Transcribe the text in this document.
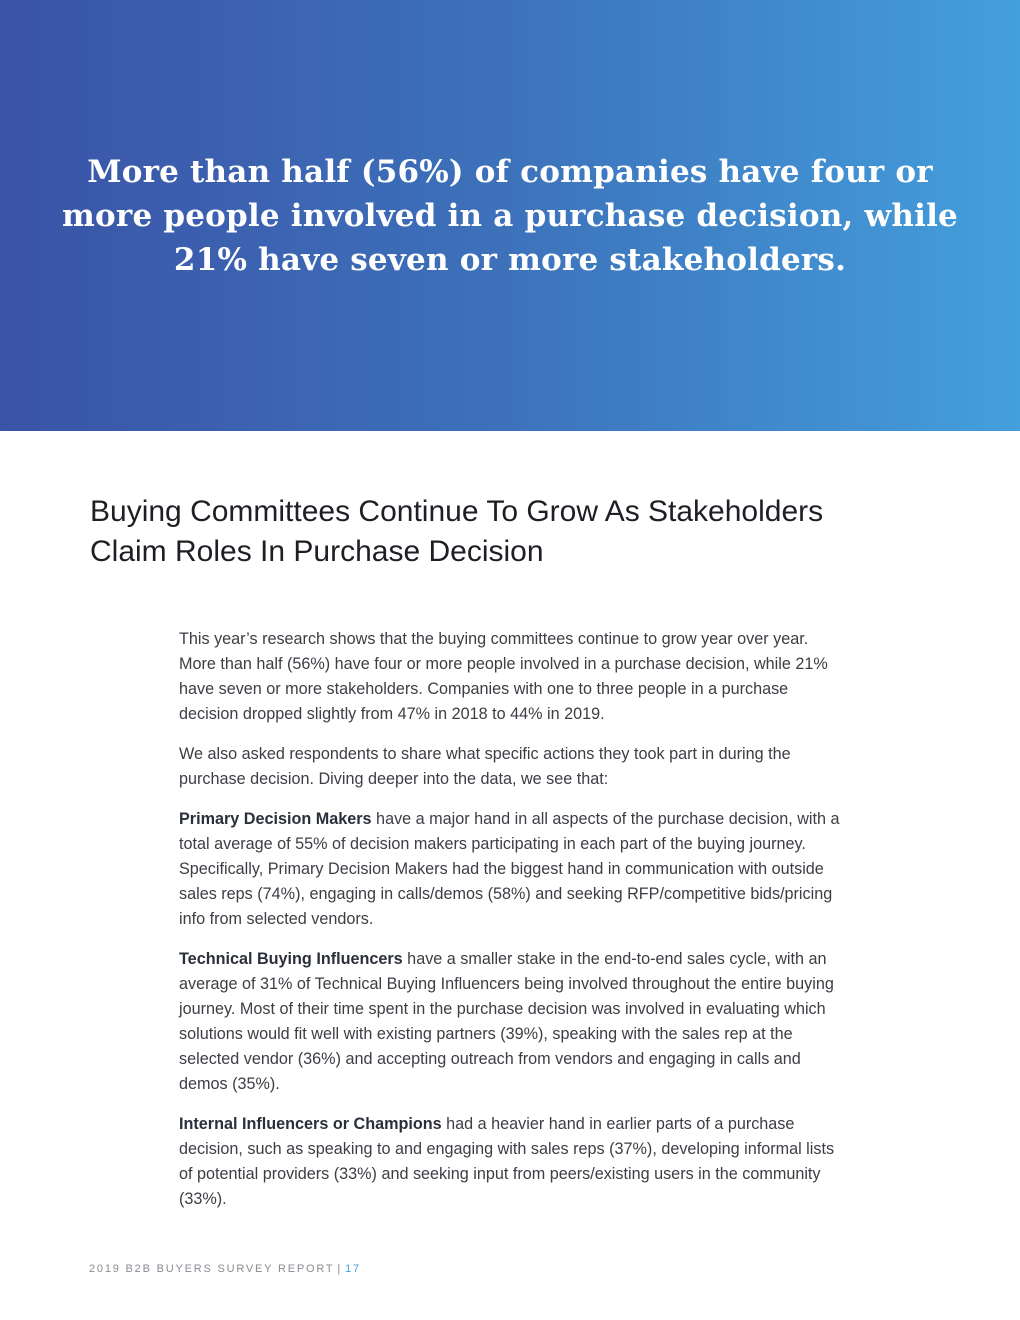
More than half (56%) of companies have four or more people involved in a purchase decision, while 21% have seven or more stakeholders.

Buying Committees Continue To Grow As Stakeholders Claim Roles In Purchase Decision

This year’s research shows that the buying committees continue to grow year over year. More than half (56%) have four or more people involved in a purchase decision, while 21% have seven or more stakeholders. Companies with one to three people in a purchase decision dropped slightly from 47% in 2018 to 44% in 2019.

We also asked respondents to share what specific actions they took part in during the purchase decision. Diving deeper into the data, we see that:

Primary Decision Makers have a major hand in all aspects of the purchase decision, with a total average of 55% of decision makers participating in each part of the buying journey. Specifically, Primary Decision Makers had the biggest hand in communication with outside sales reps (74%), engaging in calls/demos (58%) and seeking RFP/competitive bids/pricing info from selected vendors.

Technical Buying Influencers have a smaller stake in the end-to-end sales cycle, with an average of 31% of Technical Buying Influencers being involved throughout the entire buying journey. Most of their time spent in the purchase decision was involved in evaluating which solutions would fit well with existing partners (39%), speaking with the sales rep at the selected vendor (36%) and accepting outreach from vendors and engaging in calls and demos (35%).

Internal Influencers or Champions had a heavier hand in earlier parts of a purchase decision, such as speaking to and engaging with sales reps (37%), developing informal lists of potential providers (33%) and seeking input from peers/existing users in the community (33%).

2019 B2B BUYERS SURVEY REPORT | 17
